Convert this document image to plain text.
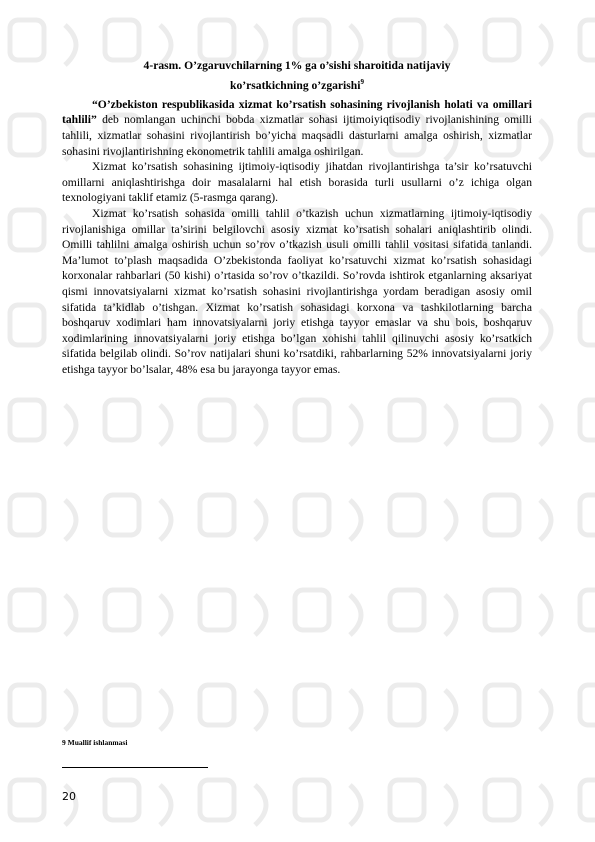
4-rasm. O’zgaruvchilarning 1% ga o’sishi sharoitida natijaviy
ko’rsatkichning o’zgarishi$^9$

“O’zbekiston respublikasida xizmat ko’rsatish sohasining rivojlanish holati va omillari tahlili” deb nomlangan uchinchi bobda xizmatlar sohasi ijtimoiyiqtisodiy rivojlanishining omilli tahlili, xizmatlar sohasini rivojlantirish bo’yicha maqsadli dasturlarni amalga oshirish, xizmatlar sohasini rivojlantirishning ekonometrik tahlili amalga oshirilgan.

Xizmat ko’rsatish sohasining ijtimoiy-iqtisodiy jihatdan rivojlantirishga ta’sir ko’rsatuvchi omillarni aniqlashtirishga doir masalalarni hal etish borasida turli usullarni o’z ichiga olgan texnologiyani taklif etamiz (5-rasmga qarang).

Xizmat ko’rsatish sohasida omilli tahlil o’tkazish uchun xizmatlarning ijtimoiy-iqtisodiy rivojlanishiga omillar ta’sirini belgilovchi asosiy xizmat ko’rsatish sohalari aniqlashtirib olindi. Omilli tahlilni amalga oshirish uchun so’rov o’tkazish usuli omilli tahlil vositasi sifatida tanlandi. Ma’lumot to’plash maqsadida O’zbekistonda faoliyat ko’rsatuvchi xizmat ko’rsatish sohasidagi korxonalar rahbarlari (50 kishi) o’rtasida so’rov o’tkazildi. So’rovda ishtirok etganlarning aksariyat qismi innovatsiyalarni xizmat ko’rsatish sohasini rivojlantirishga yordam beradigan asosiy omil sifatida ta’kidlab o’tishgan. Xizmat ko’rsatish sohasidagi korxona va tashkilotlarning barcha boshqaruv xodimlari ham innovatsiyalarni joriy etishga tayyor emaslar va shu bois, boshqaruv xodimlarining innovatsiyalarni joriy etishga bo’lgan xohishi tahlil qilinuvchi asosiy ko’rsatkich sifatida belgilab olindi. So’rov natijalari shuni ko’rsatdiki, rahbarlarning 52% innovatsiyalarni joriy etishga tayyor bo’lsalar, 48% esa bu jarayonga tayyor emas.

9 Muallif ishlanmasi
20
